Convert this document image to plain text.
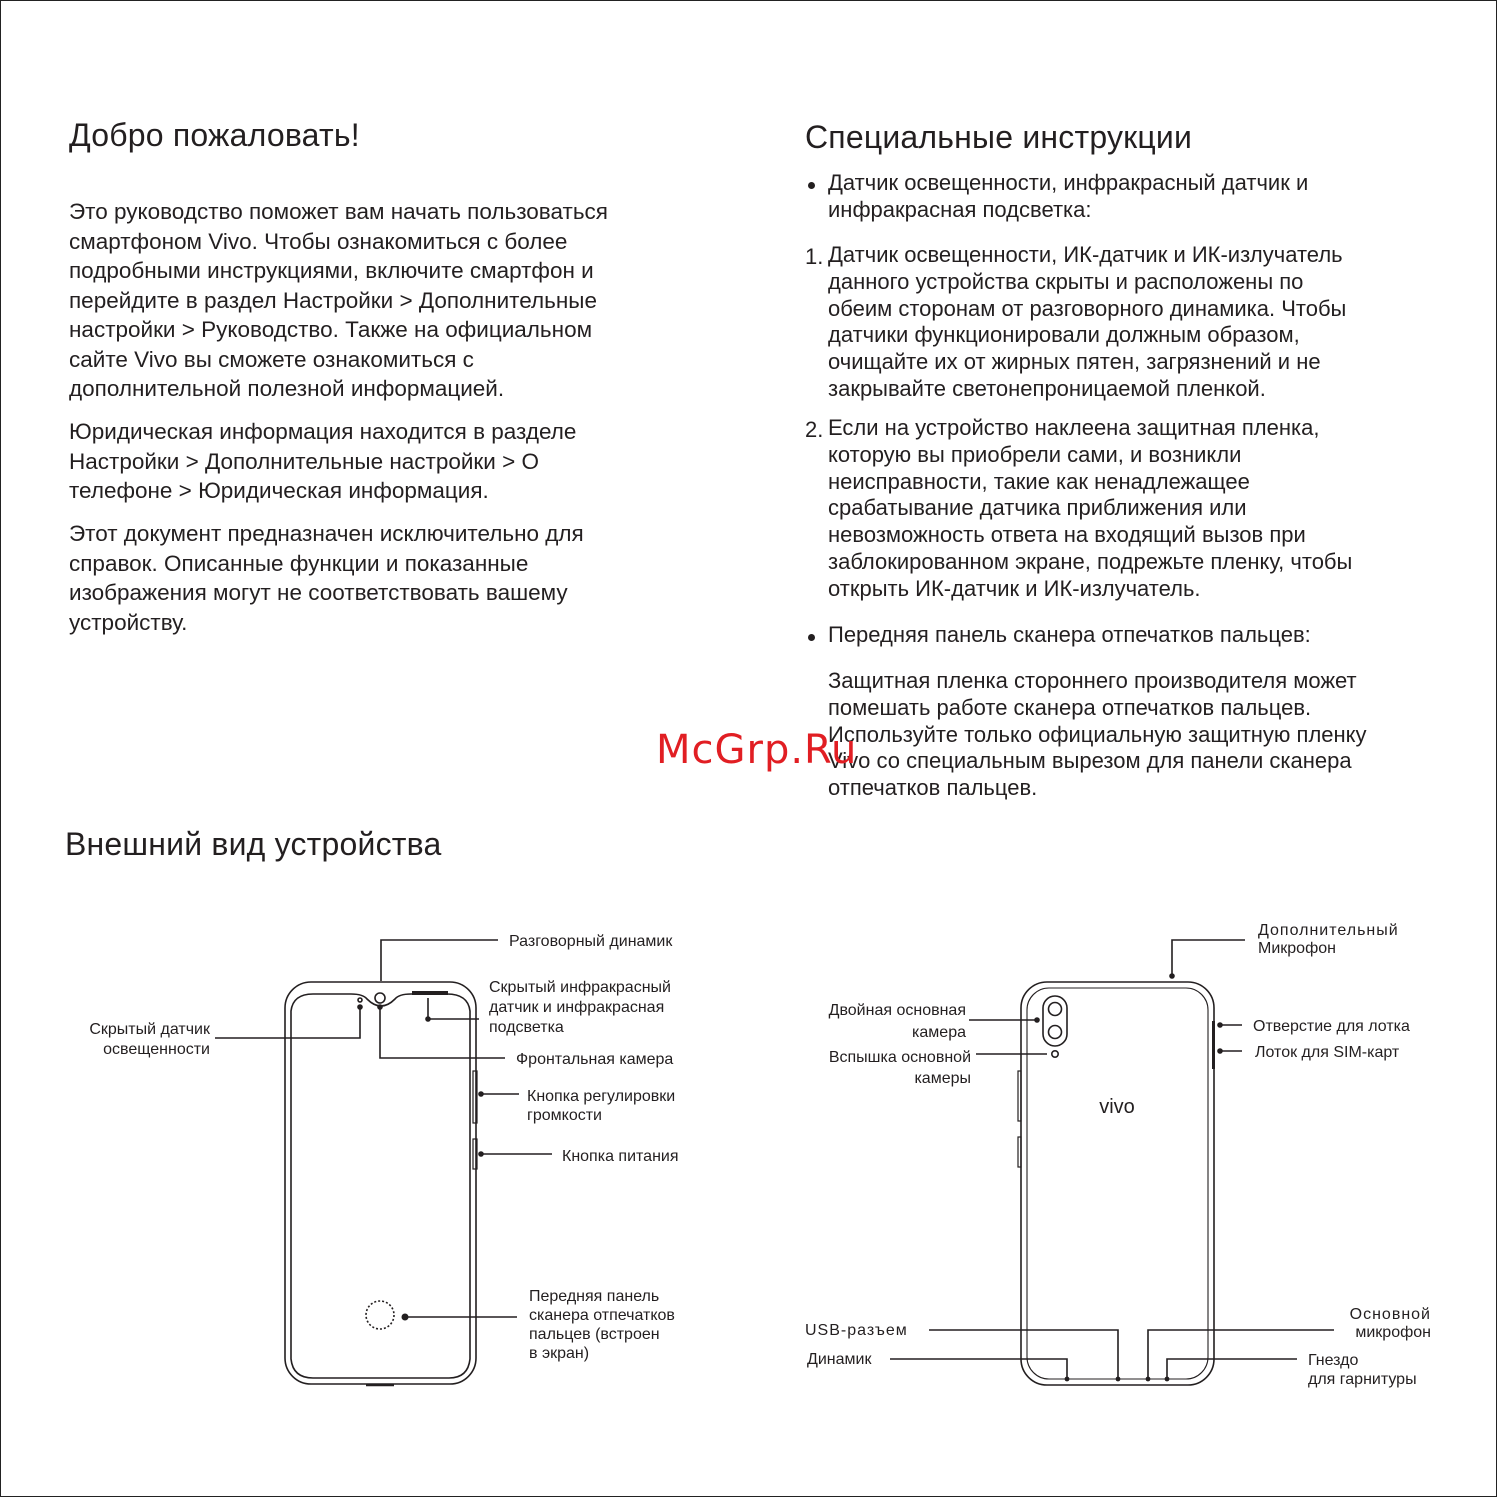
Добро пожаловать!
Это руководство поможет вам начать пользоваться
смартфоном Vivo. Чтобы ознакомиться с более
подробными инструкциями, включите смартфон и
перейдите в раздел Настройки > Дополнительные
настройки > Руководство. Также на официальном
сайте Vivo вы сможете ознакомиться с
дополнительной полезной информацией.
Юридическая информация находится в разделе
Настройки > Дополнительные настройки > О
телефоне > Юридическая информация.
Этот документ предназначен исключительно для
справок. Описанные функции и показанные
изображения могут не соответствовать вашему
устройству.
Специальные инструкции
Датчик освещенности, инфракрасный датчик и
инфракрасная подсветка:
1. Датчик освещенности, ИК-датчик и ИК-излучатель
данного устройства скрыты и расположены по
обеим сторонам от разговорного динамика. Чтобы
датчики функционировали должным образом,
очищайте их от жирных пятен, загрязнений и не
закрывайте светонепроницаемой пленкой.
2. Если на устройство наклеена защитная пленка,
которую вы приобрели сами, и возникли
неисправности, такие как ненадлежащее
срабатывание датчика приближения или
невозможность ответа на входящий вызов при
заблокированном экране, подрежьте пленку, чтобы
открыть ИК-датчик и ИК-излучатель.
Передняя панель сканера отпечатков пальцев:
Защитная пленка стороннего производителя может
помешать работе сканера отпечатков пальцев.
Используйте только официальную защитную пленку
Vivo со специальным вырезом для панели сканера
отпечатков пальцев.
McGrp.Ru
Внешний вид устройства
vivo
Разговорный динамик
Скрытый инфракрасный
датчик и инфракрасная
подсветка
Скрытый датчик
освещенности
Фронтальная камера
Кнопка регулировки
громкости
Кнопка питания
Передняя панель
сканера отпечатков
пальцев (встроен
в экран)
Дополнительный
Микрофон
Двойная основная
камера
Вспышка основной
камеры
Отверстие для лотка
Лоток для SIM-карт
USB-разъем
Динамик
Основной
микрофон
Гнездо
для гарнитуры
